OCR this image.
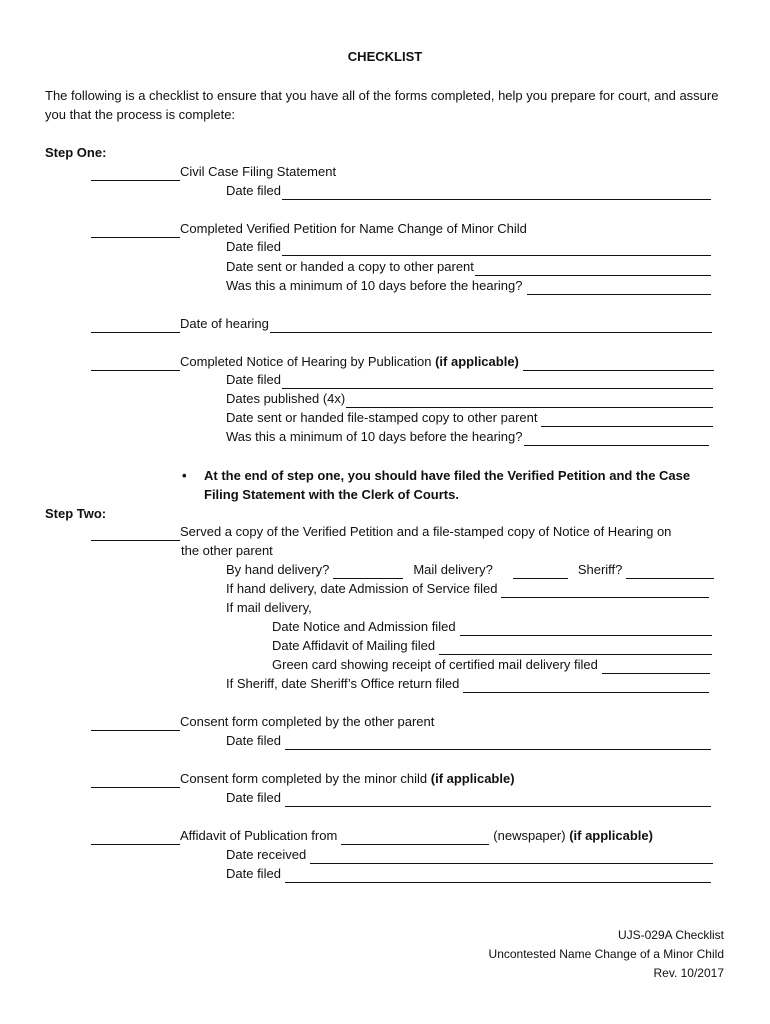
CHECKLIST
The following is a checklist to ensure that you have all of the forms completed, help you prepare for court, and assure you that the process is complete:
Step One:
Civil Case Filing Statement
Date filed
Completed Verified Petition for Name Change of Minor Child
Date filed
Date sent or handed a copy to other parent
Was this a minimum of 10 days before the hearing?
Date of hearing
Completed Notice of Hearing by Publication
(if applicable)
Date filed
Dates published (4x)
Date sent or handed file-stamped copy to other parent
Was this a minimum of 10 days before the hearing?
• At the end of step one, you should have filed the Verified Petition and the Case Filing Statement with the Clerk of Courts.
Step Two:
Served a copy of the Verified Petition and a file-stamped copy of Notice of Hearing on
the other parent
By hand delivery?	Mail delivery?	Sheriff?
If hand delivery, date Admission of Service filed
If mail delivery,
Date Notice and Admission filed
Date Affidavit of Mailing filed
Green card showing receipt of certified mail delivery filed
If Sheriff, date Sheriff’s Office return filed
Consent form completed by the other parent
Date filed
Consent form completed by the minor child
(if applicable)
Date filed
Affidavit of Publication from	(newspaper)
(if applicable)
Date received
Date filed
UJS-029A Checklist
Uncontested Name Change of a Minor Child
Rev. 10/2017
